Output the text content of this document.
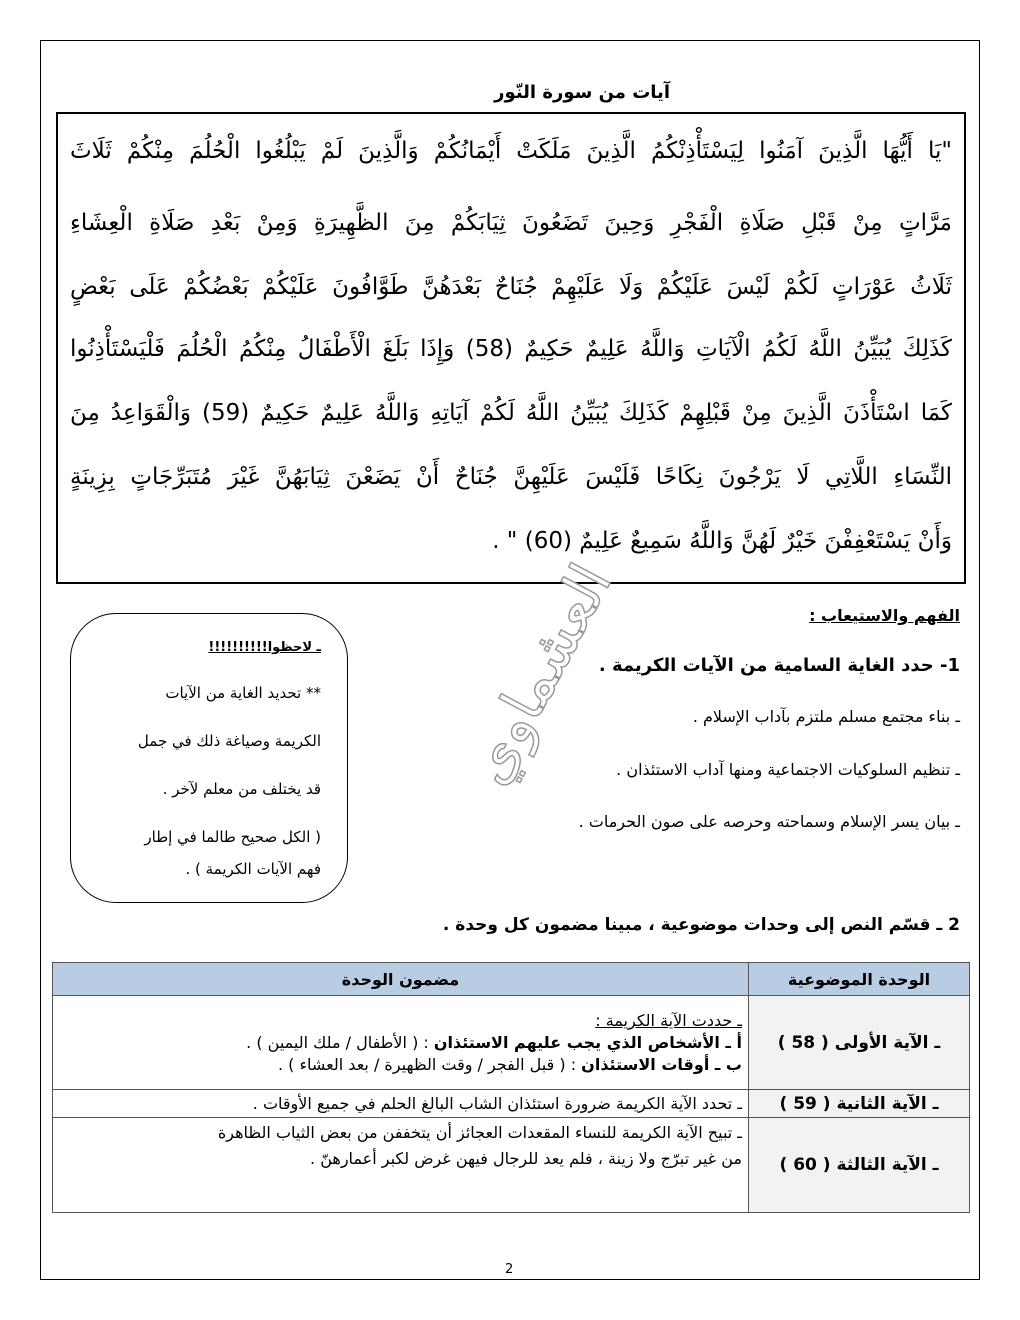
آيات من سورة النّور
"يَا أَيُّهَا الَّذِينَ آمَنُوا لِيَسْتَأْذِنْكُمُ الَّذِينَ مَلَكَتْ أَيْمَانُكُمْ وَالَّذِينَ لَمْ يَبْلُغُوا الْحُلُمَ مِنْكُمْ ثَلَاثَ
مَرَّاتٍ مِنْ قَبْلِ صَلَاةِ الْفَجْرِ وَحِينَ تَضَعُونَ ثِيَابَكُمْ مِنَ الظَّهِيرَةِ وَمِنْ بَعْدِ صَلَاةِ الْعِشَاءِ
ثَلَاثُ عَوْرَاتٍ لَكُمْ لَيْسَ عَلَيْكُمْ وَلَا عَلَيْهِمْ جُنَاحٌ بَعْدَهُنَّ طَوَّافُونَ عَلَيْكُمْ بَعْضُكُمْ عَلَى بَعْضٍ
كَذَلِكَ يُبَيِّنُ اللَّهُ لَكُمُ الْآيَاتِ وَاللَّهُ عَلِيمٌ حَكِيمٌ (58) وَإِذَا بَلَغَ الْأَطْفَالُ مِنْكُمُ الْحُلُمَ فَلْيَسْتَأْذِنُوا
كَمَا اسْتَأْذَنَ الَّذِينَ مِنْ قَبْلِهِمْ كَذَلِكَ يُبَيِّنُ اللَّهُ لَكُمْ آيَاتِهِ وَاللَّهُ عَلِيمٌ حَكِيمٌ (59) وَالْقَوَاعِدُ مِنَ
النِّسَاءِ اللَّاتِي لَا يَرْجُونَ نِكَاحًا فَلَيْسَ عَلَيْهِنَّ جُنَاحٌ أَنْ يَضَعْنَ ثِيَابَهُنَّ غَيْرَ مُتَبَرِّجَاتٍ بِزِينَةٍ
وَأَنْ يَسْتَعْفِفْنَ خَيْرٌ لَهُنَّ وَاللَّهُ سَمِيعٌ عَلِيمٌ (60) " .
العشماوي	الفهم والاستيعاب :
1- حدد الغاية السامية من الآيات الكريمة .
ـ بناء مجتمع مسلم ملتزم بآداب الإسلام .
ـ تنظيم السلوكيات الاجتماعية ومنها آداب الاستئذان .
ـ بيان يسر الإسلام وسماحته وحرصه على صون الحرمات .
ـ لاحظوا!!!!!!!!!!
** تحديد الغاية من الآيات
الكريمة وصياغة ذلك في جمل
قد يختلف من معلم لآخر .
( الكل صحيح طالما في إطار
فهم الآيات الكريمة ) .
2 ـ قسّم النص إلى وحدات موضوعية ، مبينا مضمون كل وحدة .
الوحدة الموضوعية	مضمون الوحدة
ـ الآية الأولى ( 58 )	ـ حددت الآية الكريمة :
أ ـ الأشخاص الذي يجب عليهم الاستئذان : ( الأطفال / ملك اليمين ) .
ب ـ أوقات الاستئذان : ( قبل الفجر / وقت الظهيرة / بعد العشاء ) .

ـ الآية الثانية ( 59 )	ـ تحدد الآية الكريمة ضرورة استئذان الشاب البالغ الحلم في جميع الأوقات .
ـ الآية الثالثة ( 60 )	ـ تبيح الآية الكريمة للنساء المقعدات العجائز أن يتخففن من بعض الثياب الظاهرة
من غير تبرّج ولا زينة ، فلم يعد للرجال فيهن غرض لكبر أعمارهنّ .
2
